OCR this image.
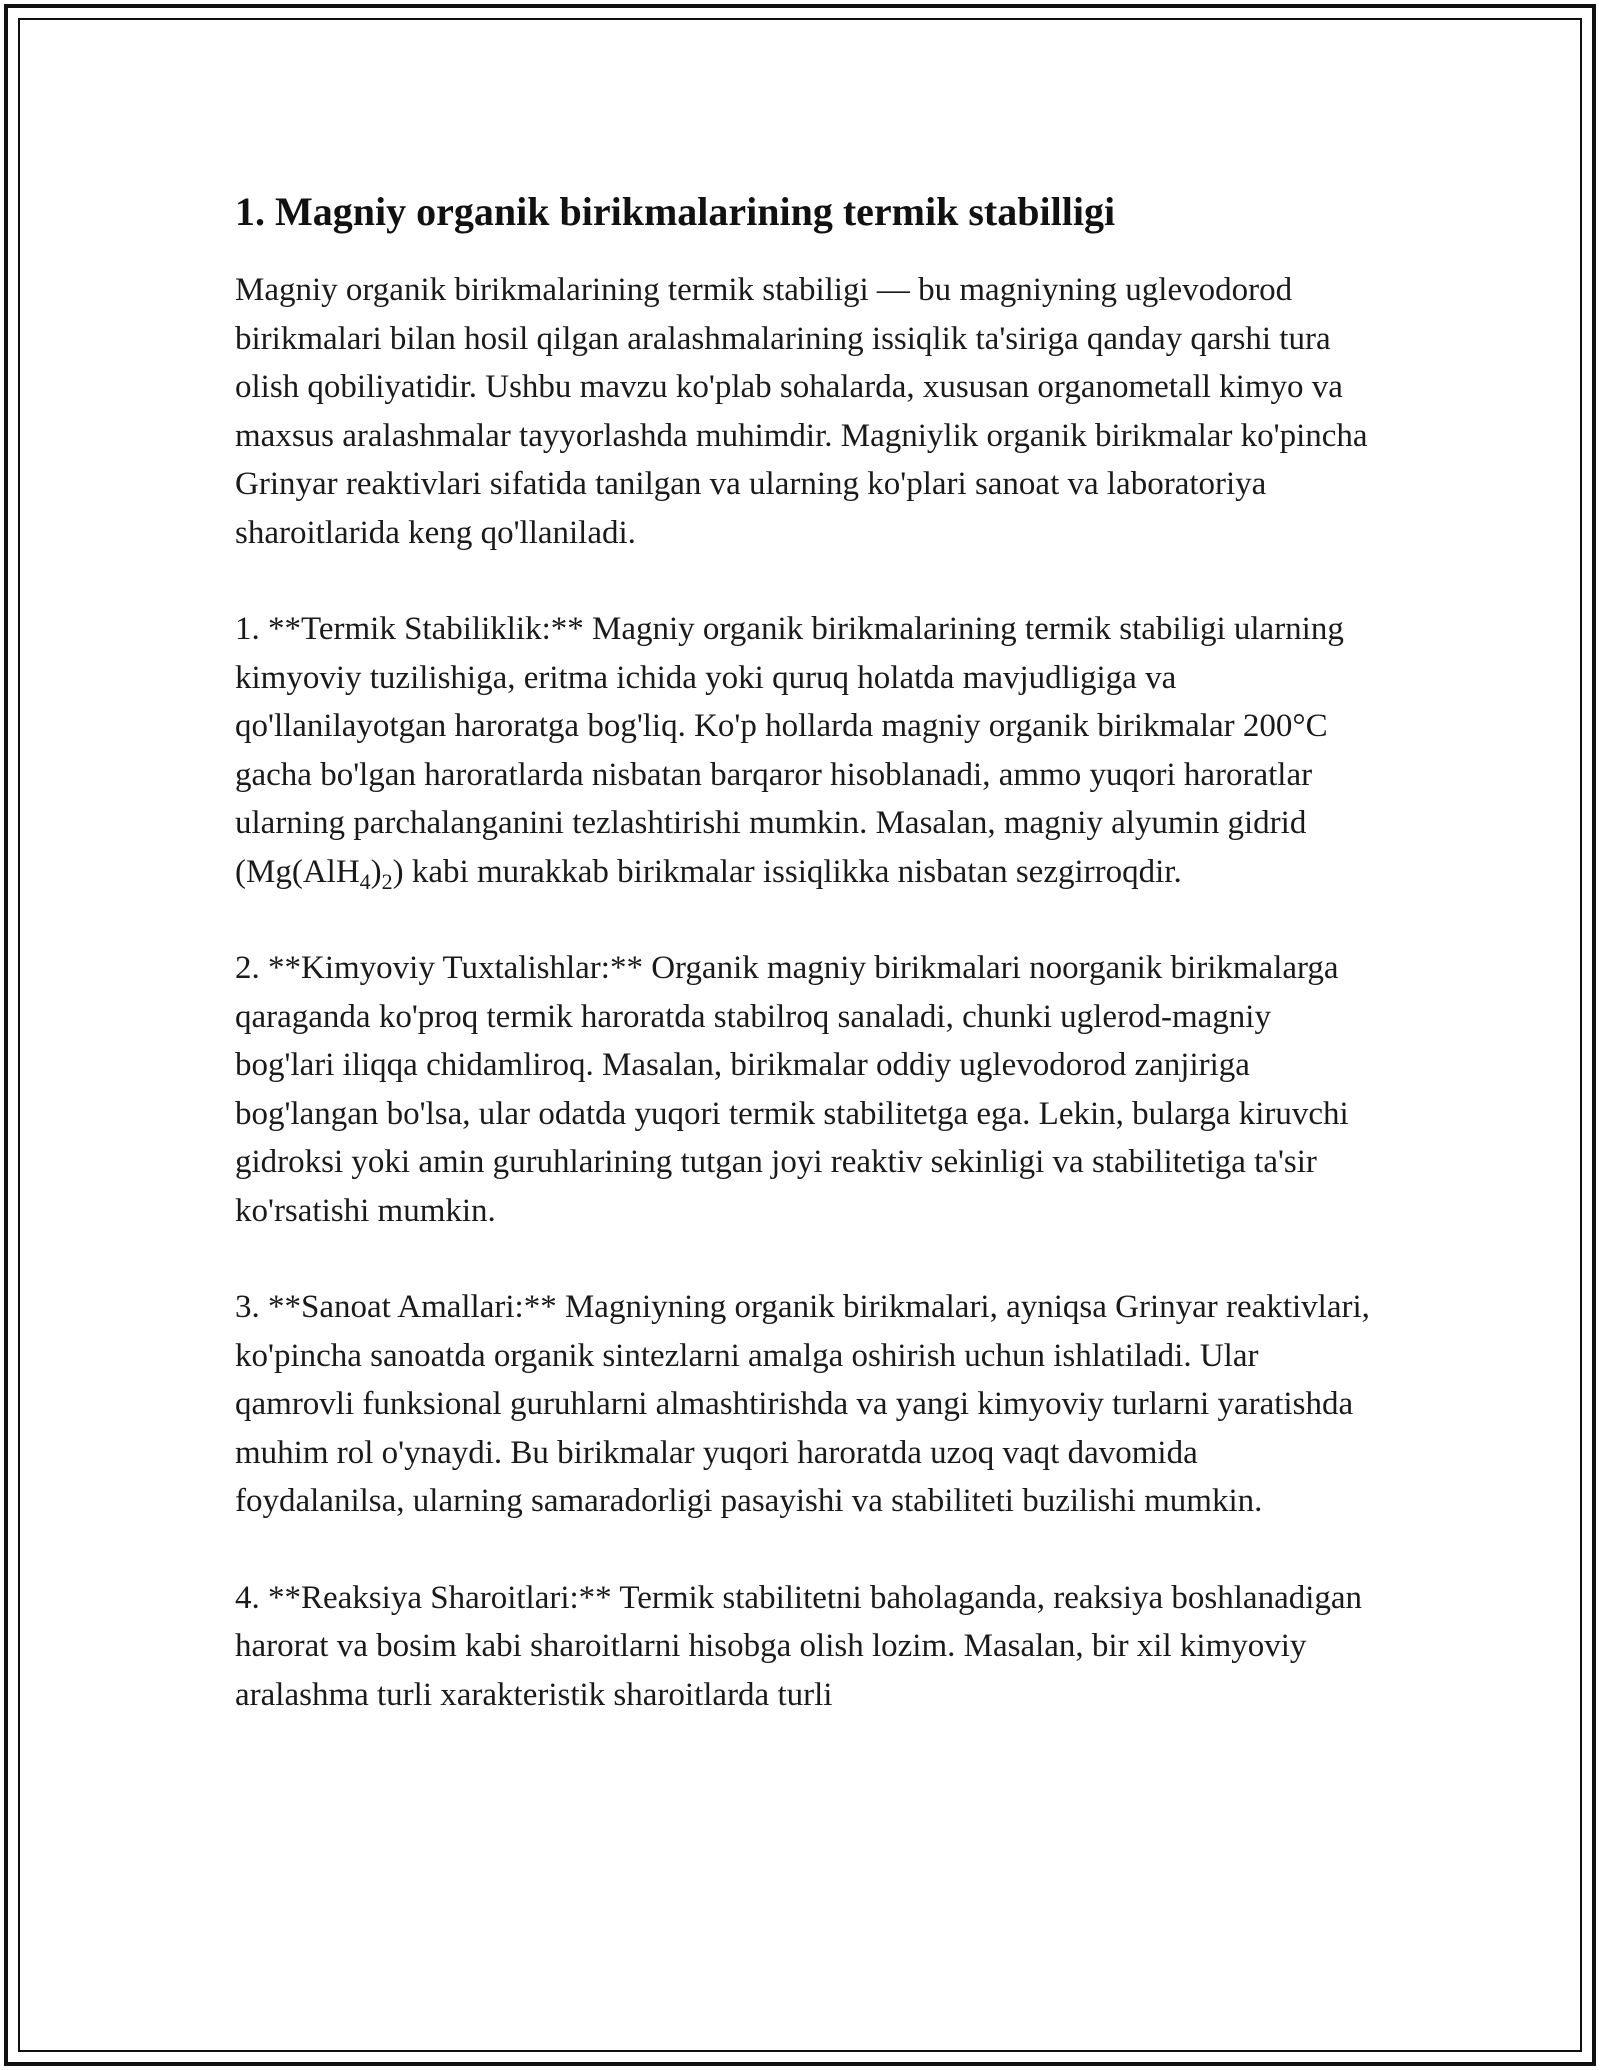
1. Magniy organik birikmalarining termik stabilligi

Magniy organik birikmalarining termik stabiligi — bu magniyning uglevodorod birikmalari bilan hosil qilgan aralashmalarining issiqlik ta'siriga qanday qarshi tura olish qobiliyatidir. Ushbu mavzu ko'plab sohalarda, xususan organometall kimyo va maxsus aralashmalar tayyorlashda muhimdir. Magniylik organik birikmalar ko'pincha Grinyar reaktivlari sifatida tanilgan va ularning ko'plari sanoat va laboratoriya sharoitlarida keng qo'llaniladi.

1. **Termik Stabiliklik:** Magniy organik birikmalarining termik stabiligi ularning kimyoviy tuzilishiga, eritma ichida yoki quruq holatda mavjudligiga va qo'llanilayotgan haroratga bog'liq. Ko'p hollarda magniy organik birikmalar 200°C gacha bo'lgan haroratlarda nisbatan barqaror hisoblanadi, ammo yuqori haroratlar ularning parchalanganini tezlashtirishi mumkin. Masalan, magniy alyumin gidrid $(Mg(AlH_4)_2)$ kabi murakkab birikmalar issiqlikka nisbatan sezgirroqdir.

2. **Kimyoviy Tuxtalishlar:** Organik magniy birikmalari noorganik birikmalarga qaraganda ko'proq termik haroratda stabilroq sanaladi, chunki uglerod-magniy bog'lari iliqqa chidamliroq. Masalan, birikmalar oddiy uglevodorod zanjiriga bog'langan bo'lsa, ular odatda yuqori termik stabilitetga ega. Lekin, bularga kiruvchi gidroksi yoki amin guruhlarining tutgan joyi reaktiv sekinligi va stabilitetiga ta'sir ko'rsatishi mumkin.

3. **Sanoat Amallari:** Magniyning organik birikmalari, ayniqsa Grinyar reaktivlari, ko'pincha sanoatda organik sintezlarni amalga oshirish uchun ishlatiladi. Ular qamrovli funksional guruhlarni almashtirishda va yangi kimyoviy turlarni yaratishda muhim rol o'ynaydi. Bu birikmalar yuqori haroratda uzoq vaqt davomida foydalanilsa, ularning samaradorligi pasayishi va stabiliteti buzilishi mumkin.

4. **Reaksiya Sharoitlari:** Termik stabilitetni baholaganda, reaksiya boshlanadigan harorat va bosim kabi sharoitlarni hisobga olish lozim. Masalan, bir xil kimyoviy aralashma turli xarakteristik sharoitlarda turli
